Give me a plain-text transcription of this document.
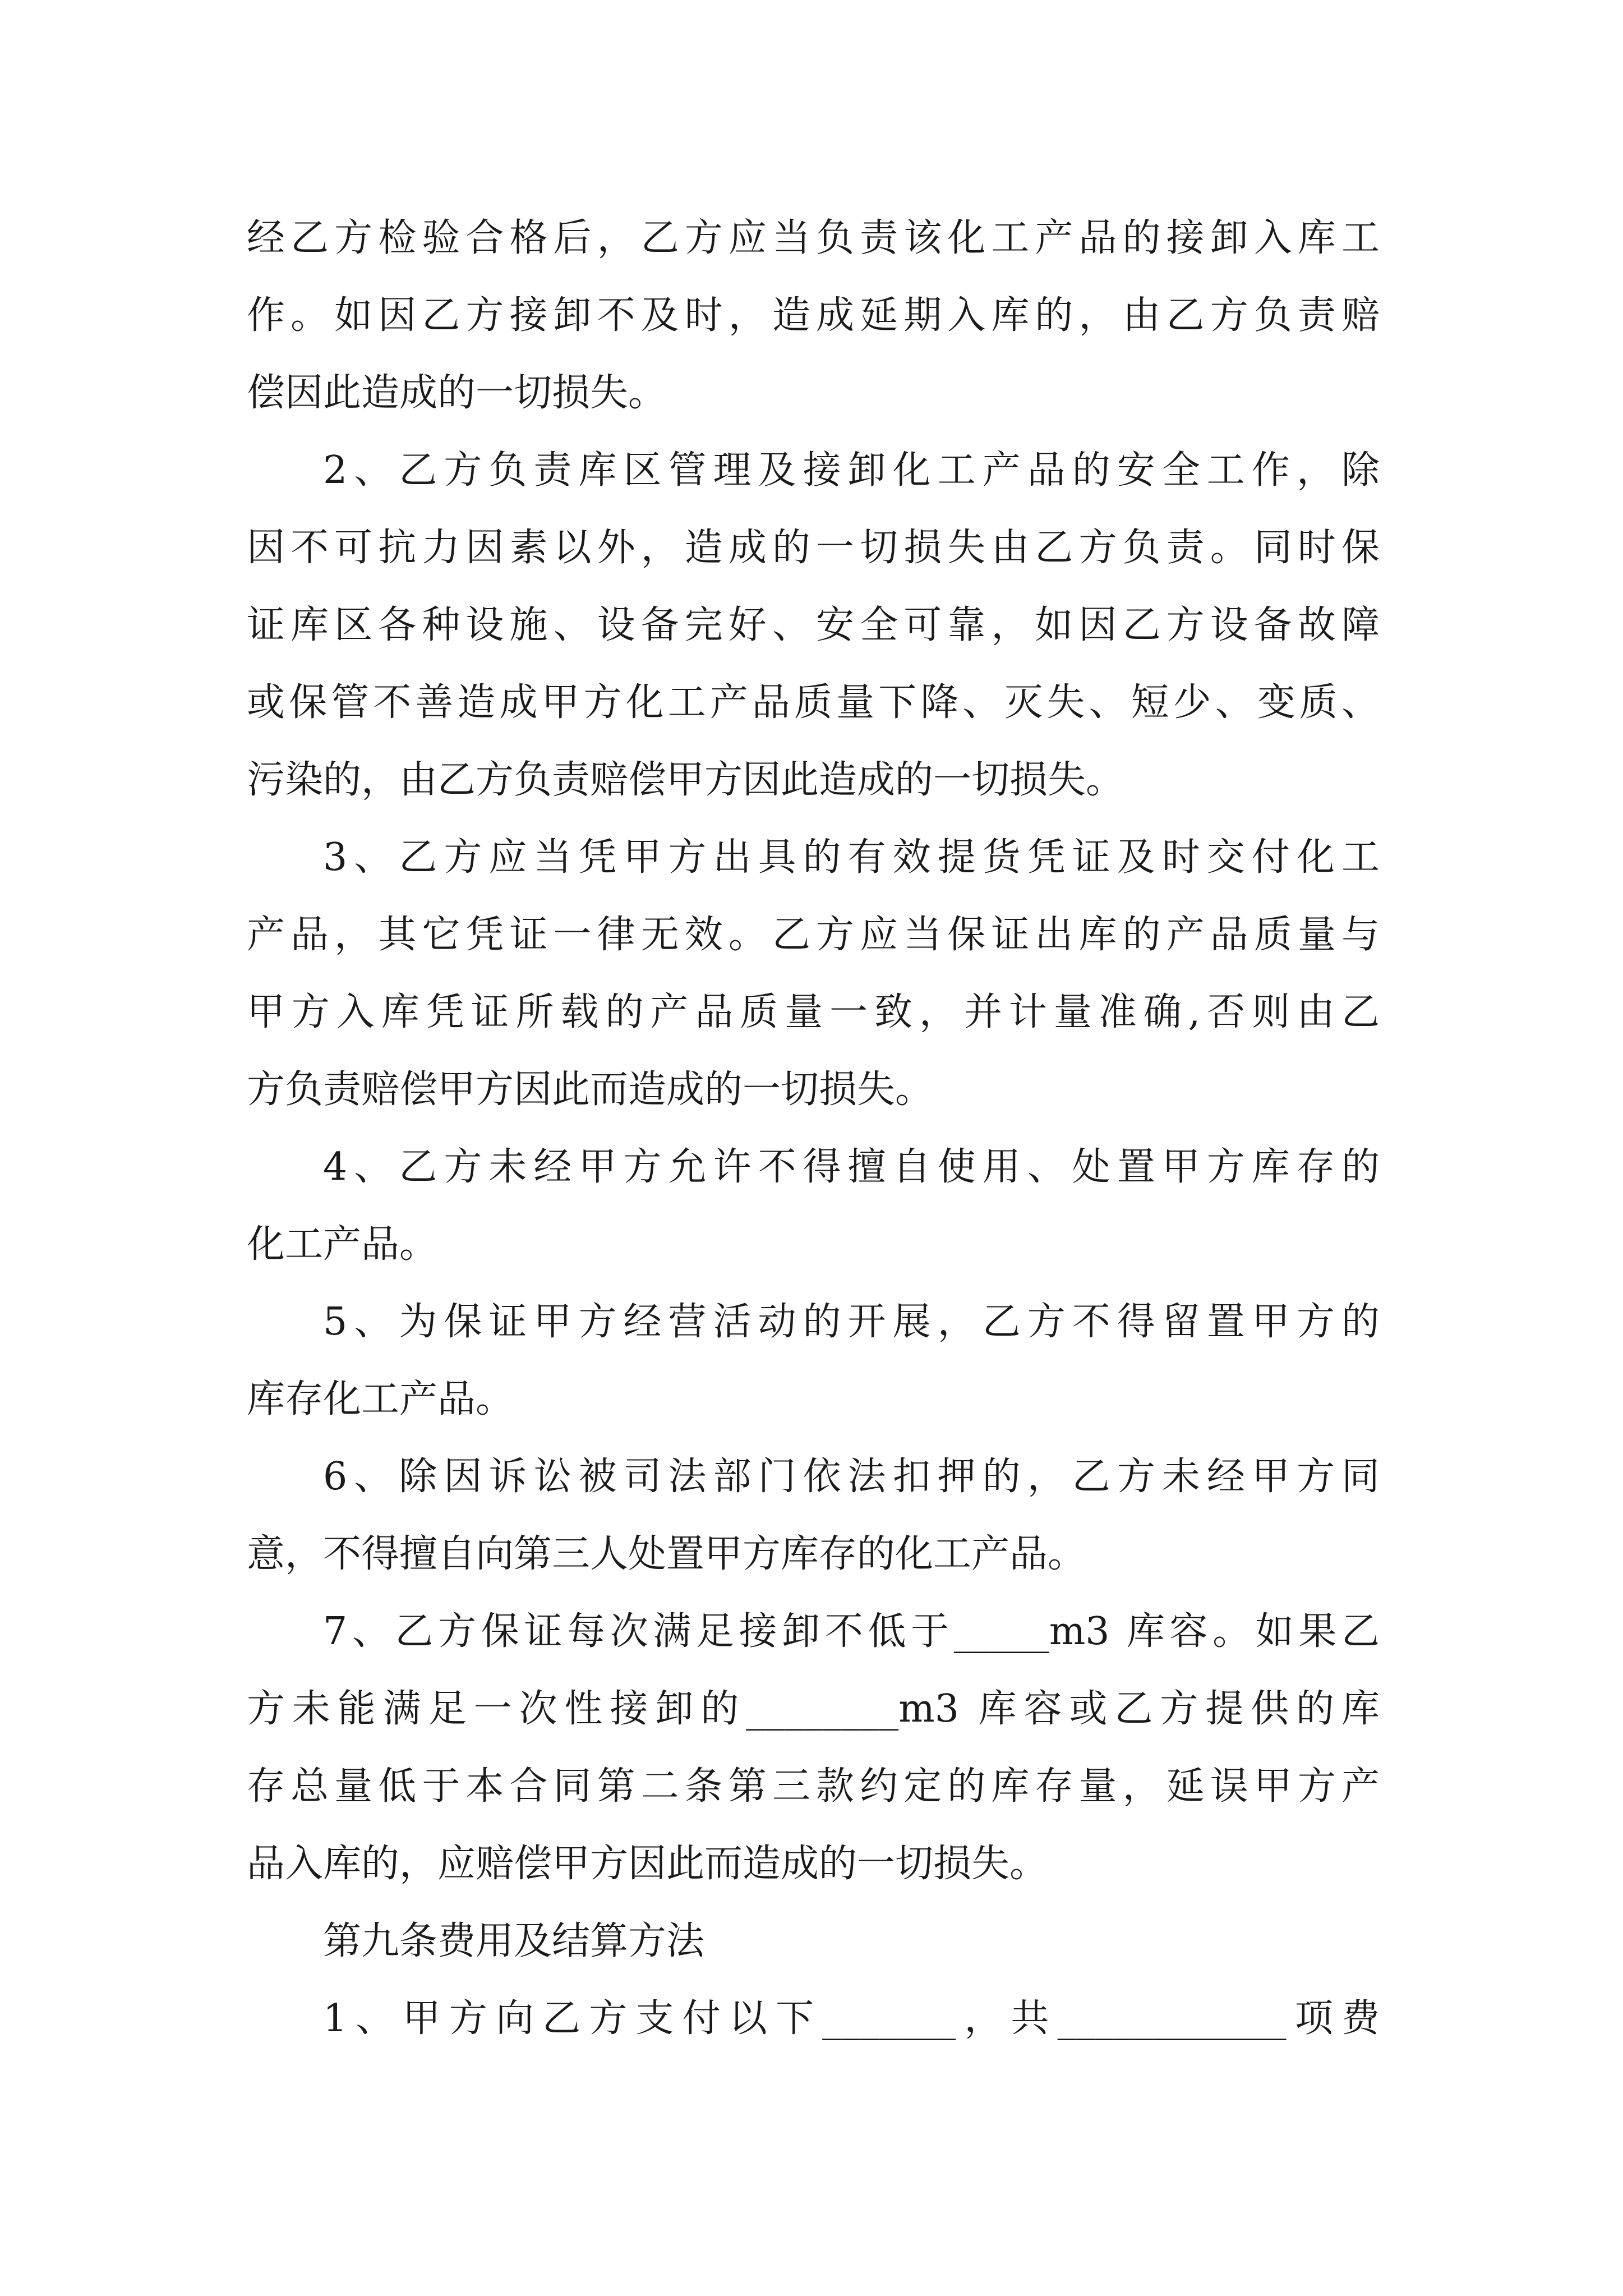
经乙方检验合格后，乙方应当负责该化工产品的接卸入库工
作。如因乙方接卸不及时，造成延期入库的，由乙方负责赔
偿因此造成的一切损失。
2、乙方负责库区管理及接卸化工产品的安全工作，除
因不可抗力因素以外，造成的一切损失由乙方负责。同时保
证库区各种设施、设备完好、安全可靠，如因乙方设备故障
或保管不善造成甲方化工产品质量下降、灭失、短少、变质、
污染的，由乙方负责赔偿甲方因此造成的一切损失。
3、乙方应当凭甲方出具的有效提货凭证及时交付化工
产品，其它凭证一律无效。乙方应当保证出库的产品质量与
甲方入库凭证所载的产品质量一致，并计量准确,否则由乙
方负责赔偿甲方因此而造成的一切损失。
4、乙方未经甲方允许不得擅自使用、处置甲方库存的
化工产品。
5、为保证甲方经营活动的开展，乙方不得留置甲方的
库存化工产品。
6、除因诉讼被司法部门依法扣押的，乙方未经甲方同
意，不得擅自向第三人处置甲方库存的化工产品。
7、乙方保证每次满足接卸不低于_____m3 库容。如果乙
方未能满足一次性接卸的________m3 库容或乙方提供的库
存总量低于本合同第二条第三款约定的库存量，延误甲方产
品入库的，应赔偿甲方因此而造成的一切损失。
第九条费用及结算方法
1、甲方向乙方支付以下_______，共____________项费
